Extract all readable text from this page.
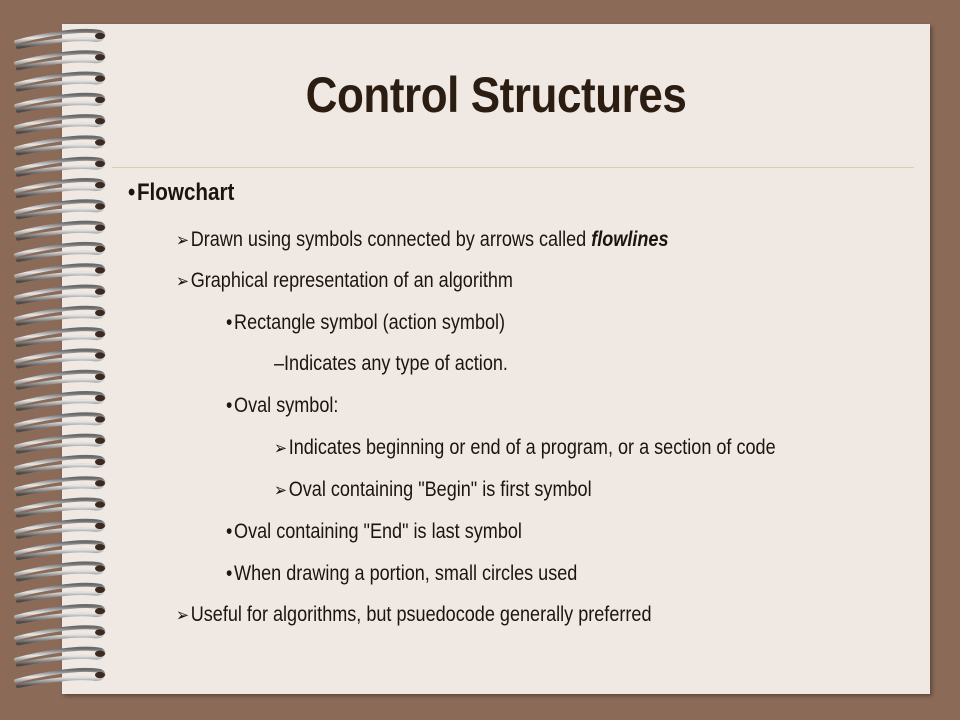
Control Structures
•Flowchart
➢Drawn using symbols connected by arrows called flowlines
➢Graphical representation of an algorithm
•Rectangle symbol (action symbol)
–Indicates any type of action.
•Oval symbol:
➢Indicates beginning or end of a program, or a section of code
➢Oval containing "Begin" is first symbol
•Oval containing "End" is last symbol
•When drawing a portion, small circles used
➢Useful for algorithms, but psuedocode generally preferred
